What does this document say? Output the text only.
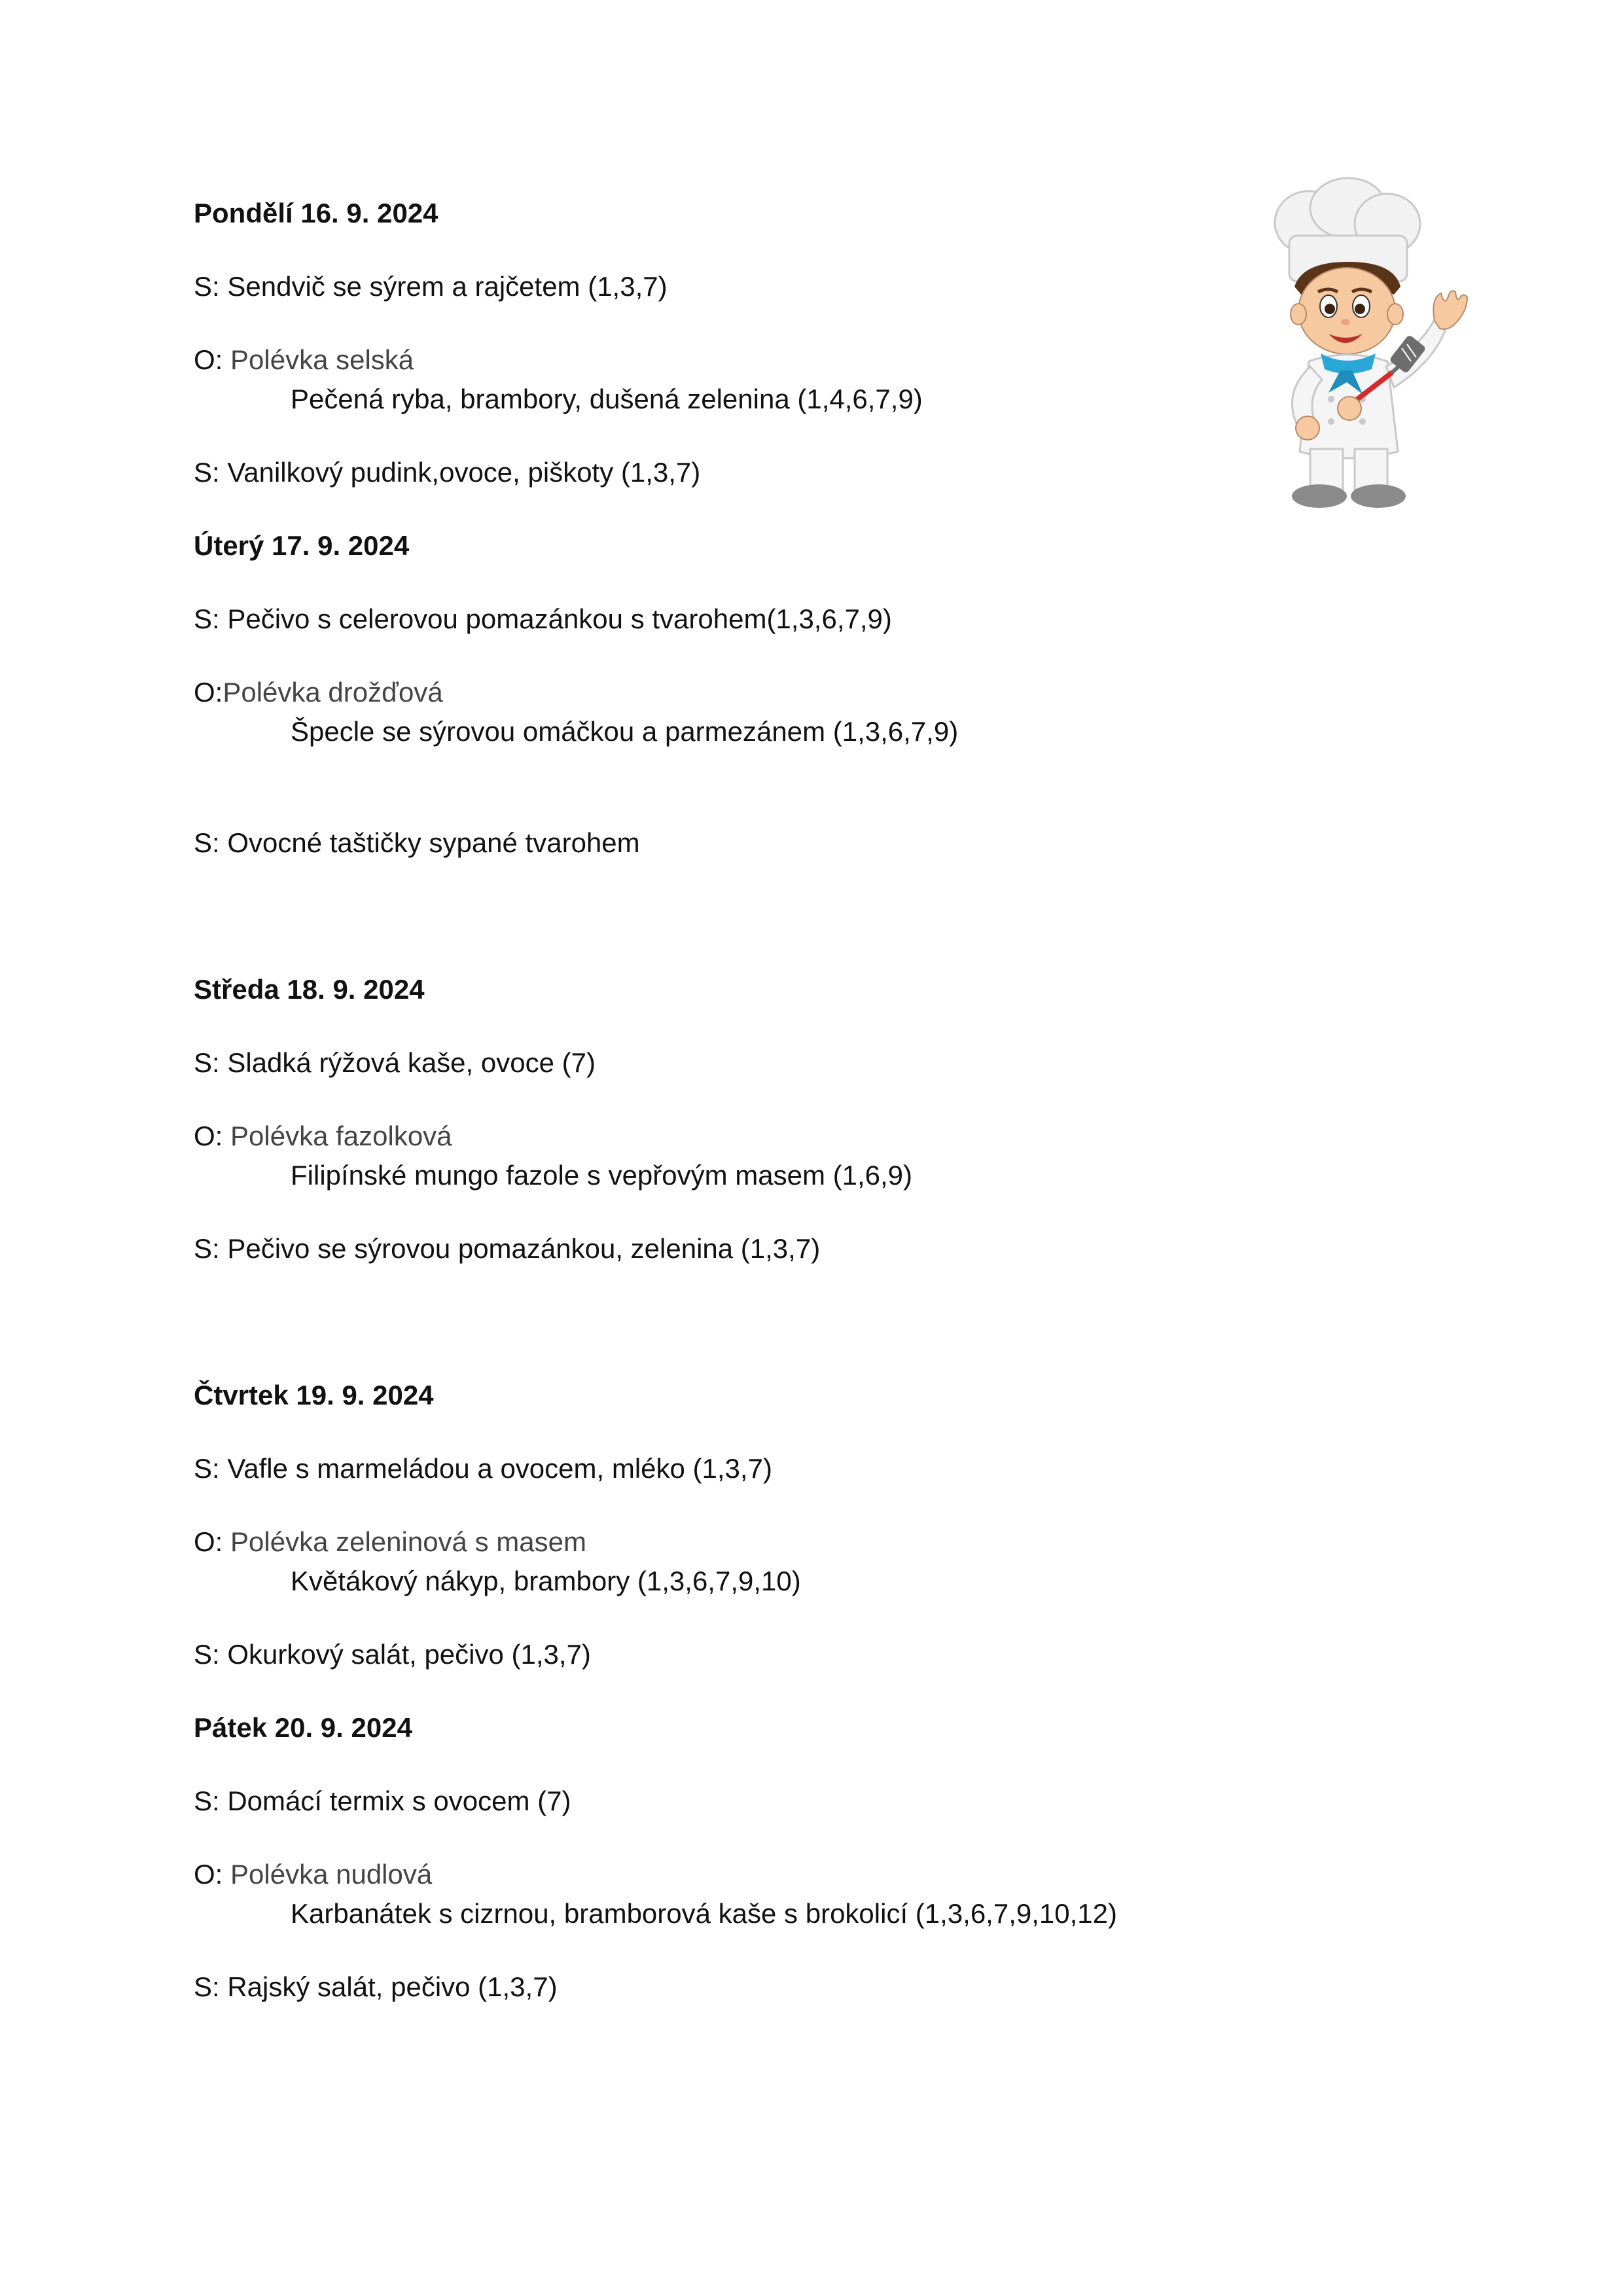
Pondělí 16. 9. 2024
S: Sendvič se sýrem a rajčetem (1,3,7)
O: Polévka selská
Pečená ryba, brambory, dušená zelenina (1,4,6,7,9)
S: Vanilkový pudink,ovoce, piškoty (1,3,7)
Úterý 17. 9. 2024
S: Pečivo s celerovou pomazánkou s tvarohem(1,3,6,7,9)
O:Polévka drožďová
Špecle se sýrovou omáčkou a parmezánem (1,3,6,7,9)
S: Ovocné taštičky sypané tvarohem
Středa 18. 9. 2024
S: Sladká rýžová kaše, ovoce (7)
O: Polévka fazolková
Filipínské mungo fazole s vepřovým masem (1,6,9)
S: Pečivo se sýrovou pomazánkou, zelenina (1,3,7)
Čtvrtek 19. 9. 2024
S: Vafle s marmeládou a ovocem, mléko (1,3,7)
O: Polévka zeleninová s masem
Květákový nákyp, brambory (1,3,6,7,9,10)
S: Okurkový salát, pečivo (1,3,7)
Pátek 20. 9. 2024
S: Domácí termix s ovocem (7)
O: Polévka nudlová
Karbanátek s cizrnou, bramborová kaše s brokolicí (1,3,6,7,9,10,12)
S: Rajský salát, pečivo (1,3,7)
